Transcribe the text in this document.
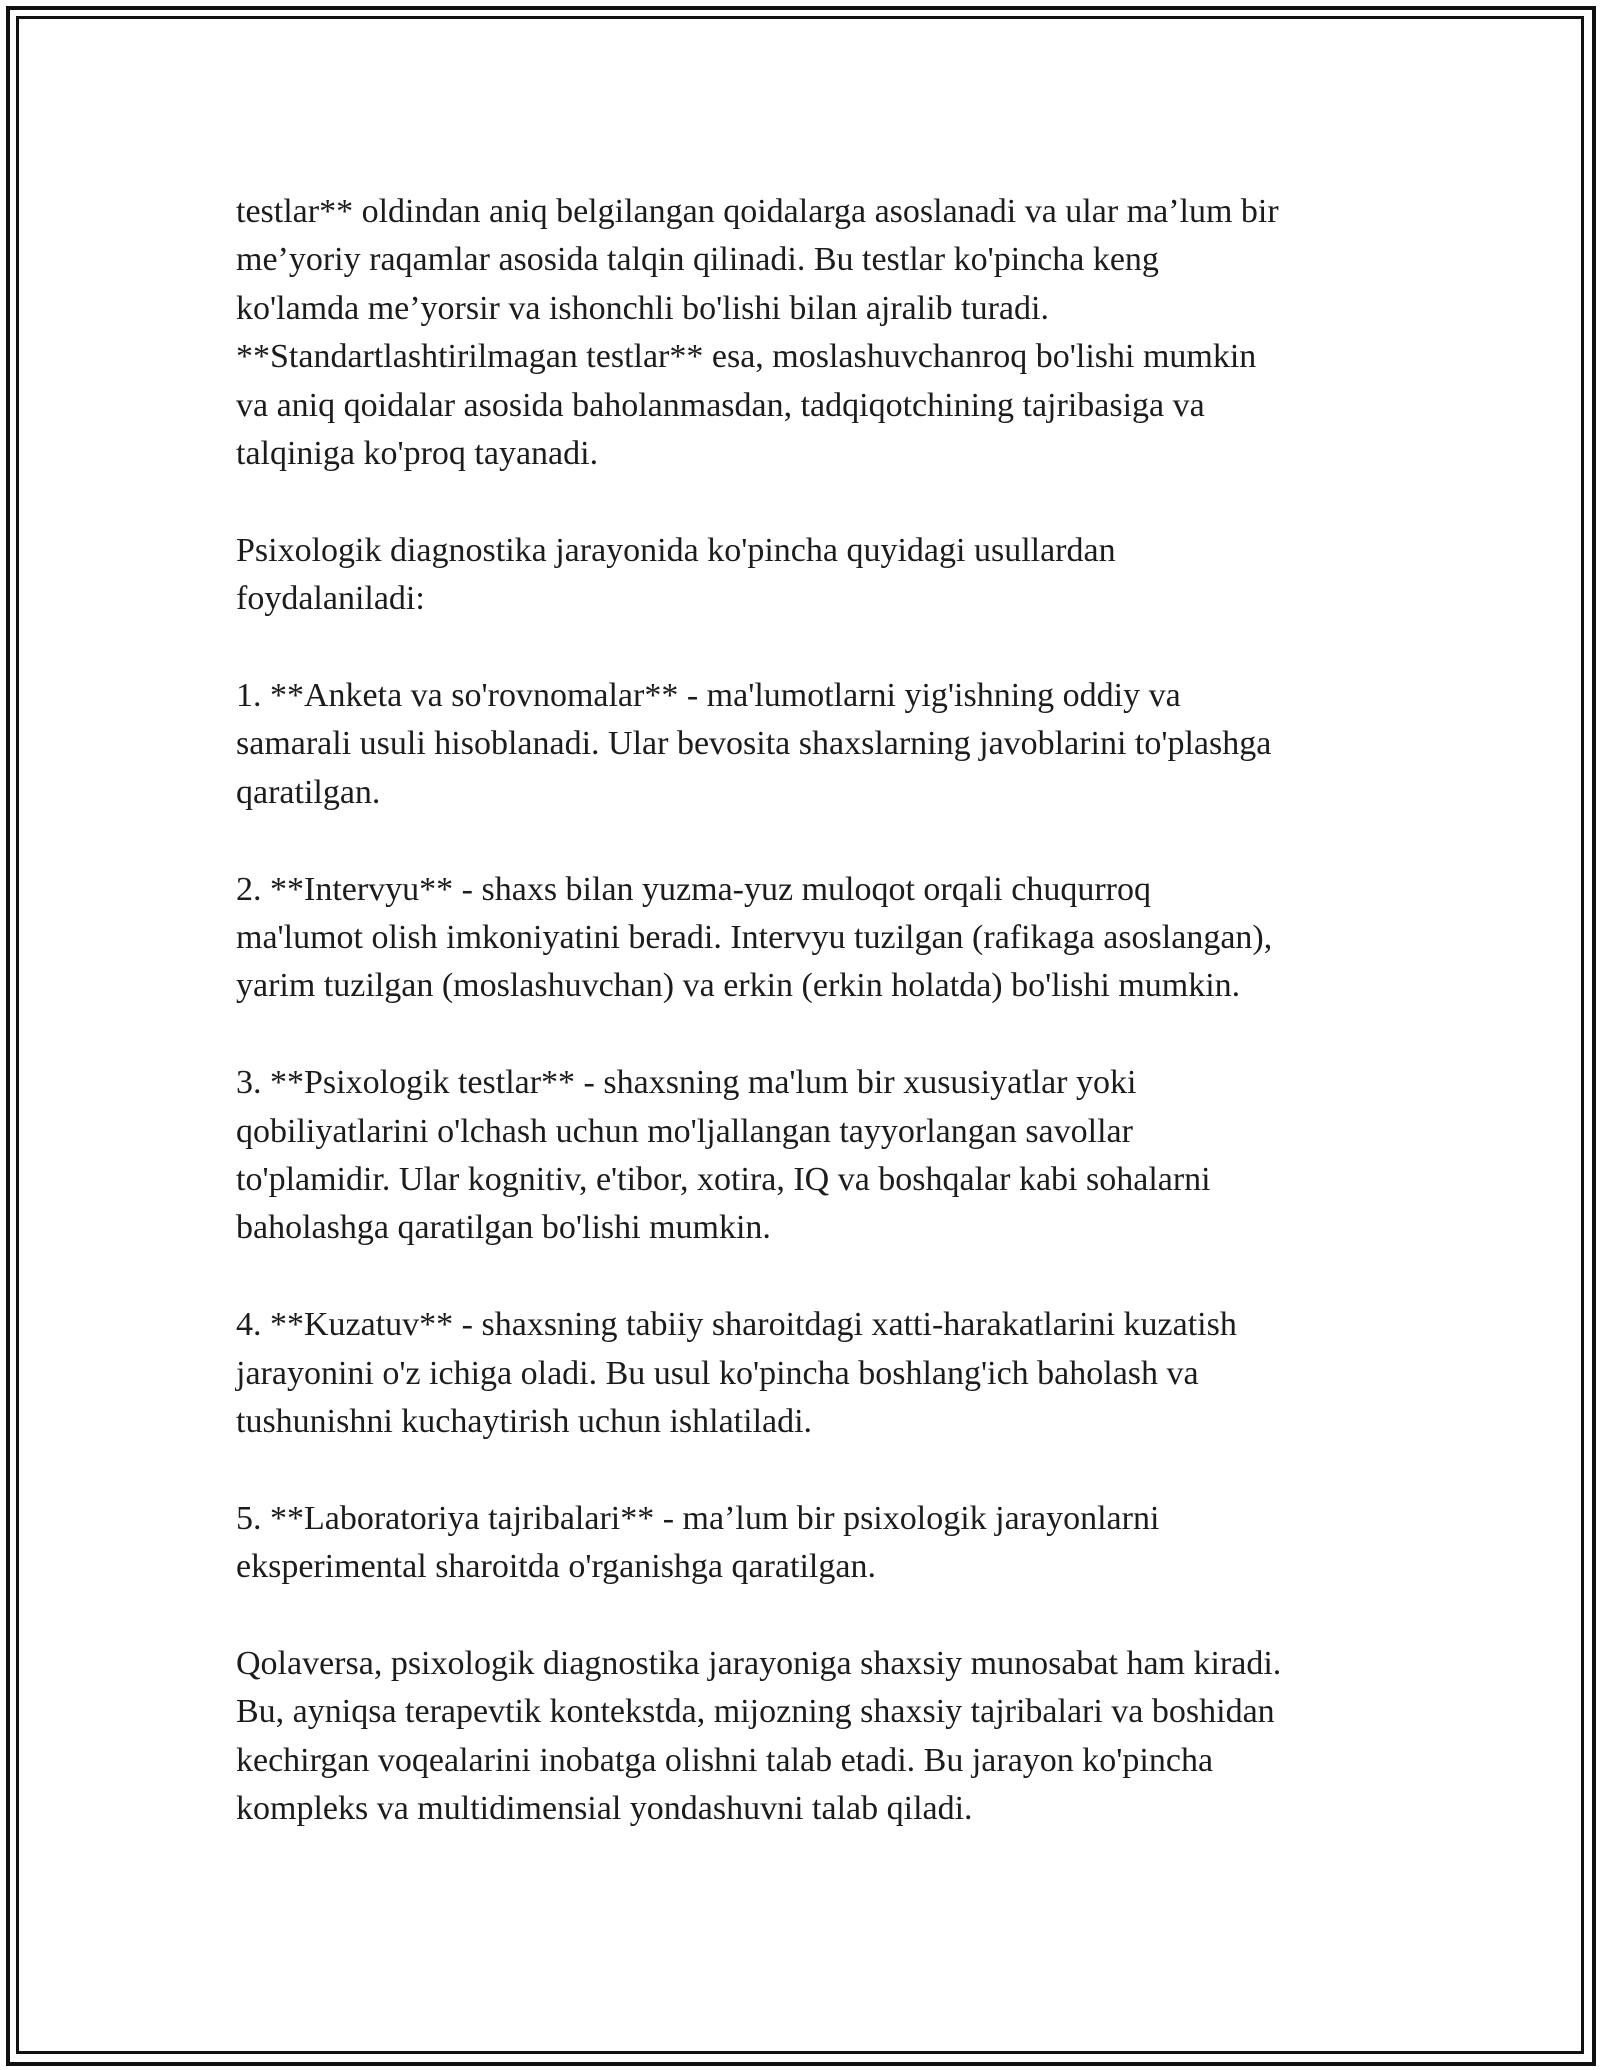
testlar** oldindan aniq belgilangan qoidalarga asoslanadi va ular ma’lum bir
me’yoriy raqamlar asosida talqin qilinadi. Bu testlar ko'pincha keng
ko'lamda me’yorsir va ishonchli bo'lishi bilan ajralib turadi.
**Standartlashtirilmagan testlar** esa, moslashuvchanroq bo'lishi mumkin
va aniq qoidalar asosida baholanmasdan, tadqiqotchining tajribasiga va
talqiniga ko'proq tayanadi.

Psixologik diagnostika jarayonida ko'pincha quyidagi usullardan
foydalaniladi:

1. **Anketa va so'rovnomalar** - ma'lumotlarni yig'ishning oddiy va
samarali usuli hisoblanadi. Ular bevosita shaxslarning javoblarini to'plashga
qaratilgan.

2. **Intervyu** - shaxs bilan yuzma-yuz muloqot orqali chuqurroq
ma'lumot olish imkoniyatini beradi. Intervyu tuzilgan (rafikaga asoslangan),
yarim tuzilgan (moslashuvchan) va erkin (erkin holatda) bo'lishi mumkin.

3. **Psixologik testlar** - shaxsning ma'lum bir xususiyatlar yoki
qobiliyatlarini o'lchash uchun mo'ljallangan tayyorlangan savollar
to'plamidir. Ular kognitiv, e'tibor, xotira, IQ va boshqalar kabi sohalarni
baholashga qaratilgan bo'lishi mumkin.

4. **Kuzatuv** - shaxsning tabiiy sharoitdagi xatti-harakatlarini kuzatish
jarayonini o'z ichiga oladi. Bu usul ko'pincha boshlang'ich baholash va
tushunishni kuchaytirish uchun ishlatiladi.

5. **Laboratoriya tajribalari** - ma’lum bir psixologik jarayonlarni
eksperimental sharoitda o'rganishga qaratilgan.

Qolaversa, psixologik diagnostika jarayoniga shaxsiy munosabat ham kiradi.
Bu, ayniqsa terapevtik kontekstda, mijozning shaxsiy tajribalari va boshidan
kechirgan voqealarini inobatga olishni talab etadi. Bu jarayon ko'pincha
kompleks va multidimensial yondashuvni talab qiladi.
